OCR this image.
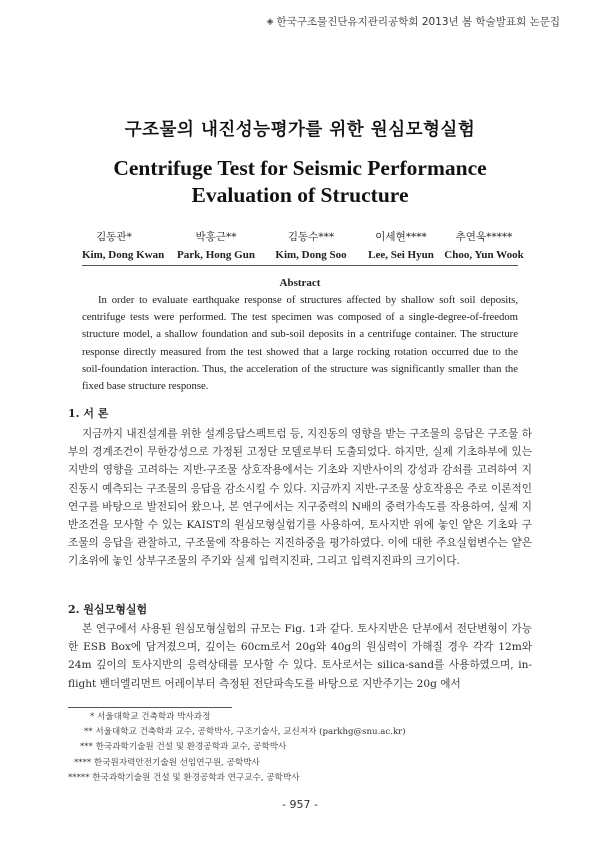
◈ 한국구조물진단유지관리공학회 2013년 봄 학술발표회 논문집
구조물의 내진성능평가를 위한 원심모형실험
Centrifuge Test for Seismic Performance Evaluation of Structure
김동관*
Kim, Dong Kwan
박홍근**
Park, Hong Gun
김동수***
Kim, Dong Soo
이세현****
Lee, Sei Hyun
추연욱*****
Choo, Yun Wook
Abstract

In order to evaluate earthquake response of structures affected by shallow soft soil deposits, centrifuge tests were performed. The test specimen was composed of a single-degree-of-freedom structure model, a shallow foundation and sub-soil deposits in a centrifuge container. The structure response directly measured from the test showed that a large rocking rotation occurred due to the soil-foundation interaction. Thus, the acceleration of the structure was significantly smaller than the fixed base structure response.

1. 서 론

지금까지 내진설계를 위한 설계응답스펙트럼 등, 지진동의 영향을 받는 구조물의 응답은 구조물 하부의 경계조건이 무한강성으로 가정된 고정단 모델로부터 도출되었다. 하지만, 실제 기초하부에 있는 지반의 영향을 고려하는 지반-구조물 상호작용에서는 기초와 지반사이의 강성과 감쇠를 고려하여 지진동시 예측되는 구조물의 응답을 감소시킬 수 있다. 지금까지 지반-구조물 상호작용은 주로 이론적인 연구를 바탕으로 발전되어 왔으나, 본 연구에서는 지구중력의 N배의 중력가속도를 작용하여, 실제 지반조건을 모사할 수 있는 KAIST의 원심모형실험기를 사용하여, 토사지반 위에 놓인 얕은 기초와 구조물의 응답을 관찰하고, 구조물에 작용하는 지진하중을 평가하였다. 이에 대한 주요실험변수는 얕은 기초위에 놓인 상부구조물의 주기와 실제 입력지진파, 그리고 입력지진파의 크기이다.

2. 원심모형실험

본 연구에서 사용된 원심모형실험의 규모는 Fig. 1과 같다. 토사지반은 단부에서 전단변형이 가능한 ESB Box에 담겨졌으며, 깊이는 60cm로서 20g와 40g의 원심력이 가해질 경우 각각 12m와 24m 깊이의 토사지반의 응력상태를 모사할 수 있다. 토사로서는 silica-sand를 사용하였으며, in-flight 밴더엘리먼트 어레이부터 측정된 전단파속도를 바탕으로 지반주기는 20g 에서

* 서울대학교 건축학과 박사과정
** 서울대학교 건축학과 교수, 공학박사, 구조기술사, 교신저자 (parkhg@snu.ac.kr)
*** 한국과학기술원 건설 및 환경공학과 교수, 공학박사
**** 한국원자력안전기술원 선임연구원, 공학박사
***** 한국과학기술원 건설 및 환경공학과 연구교수, 공학박사
- 957 -
